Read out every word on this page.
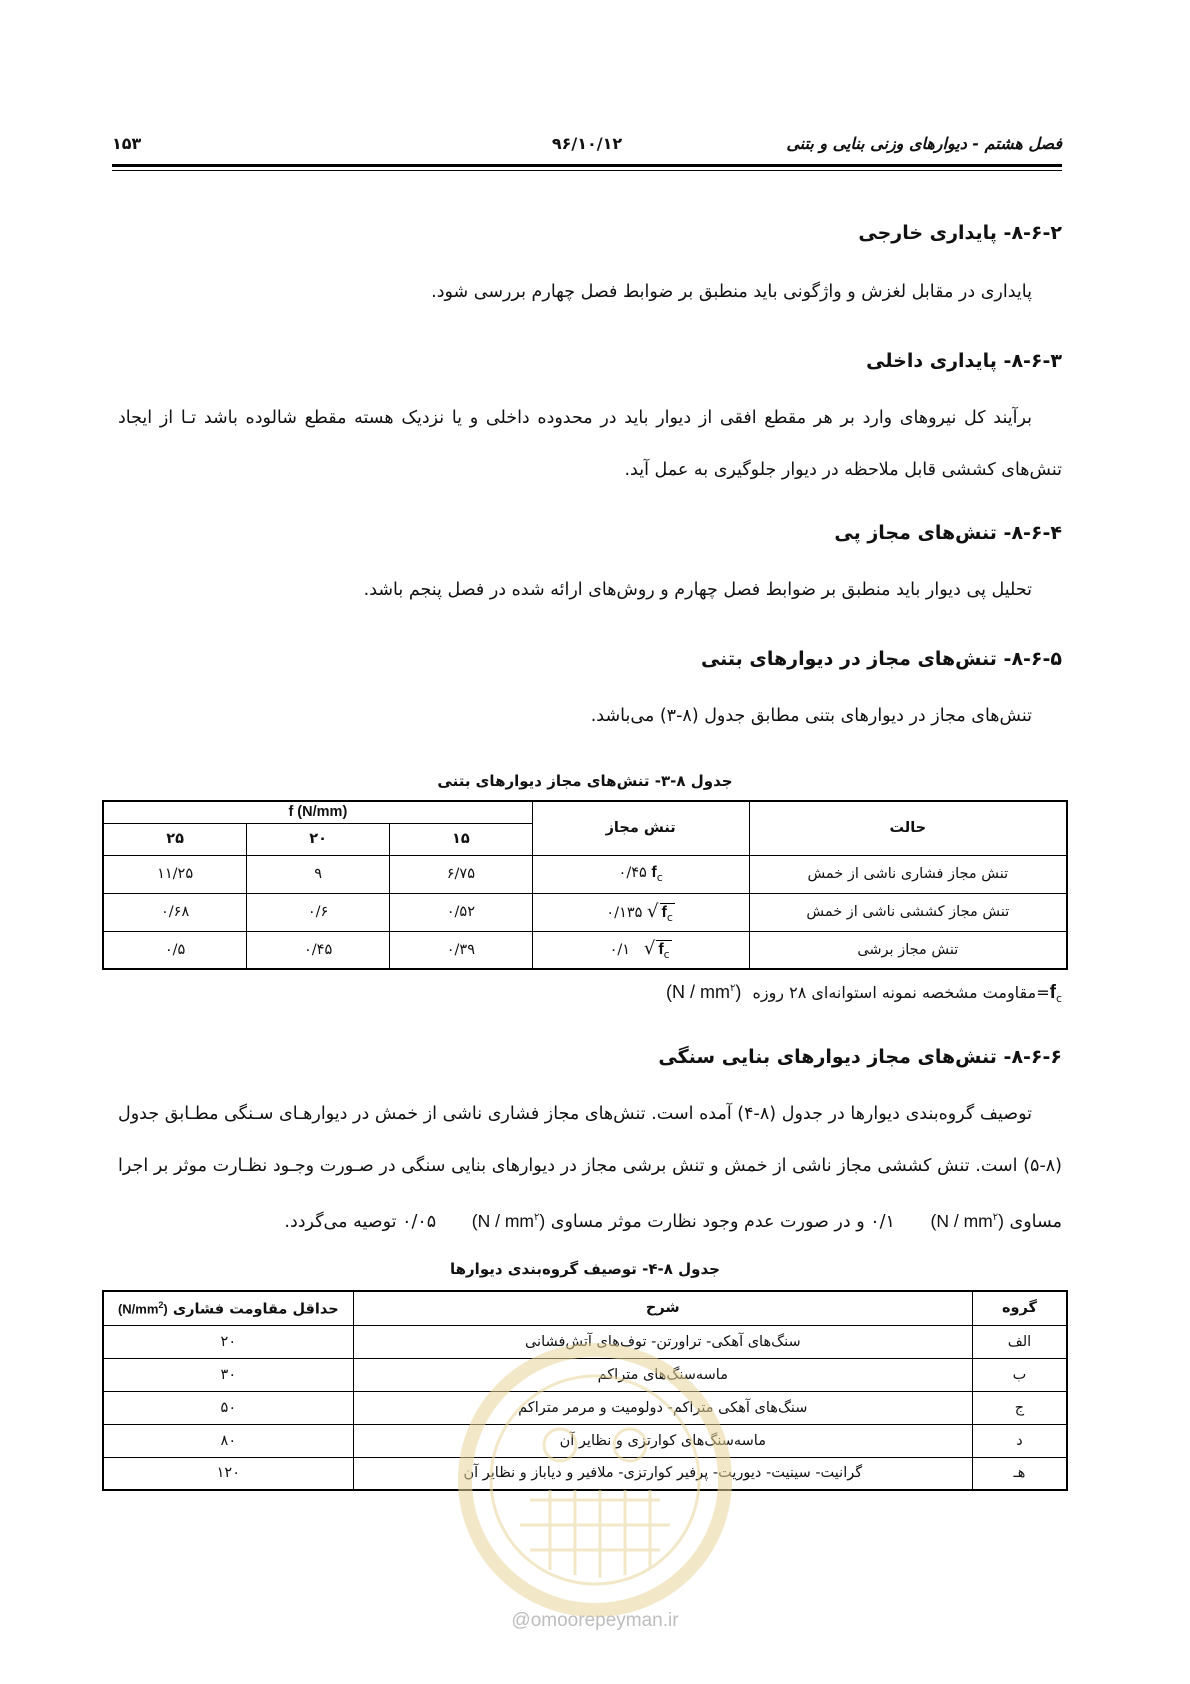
فصل هشتم - دیوارهای وزنی بنایی و بتنی
۹۶/۱۰/۱۲
۱۵۳
۸-۶-۲- پایداری خارجی
پایداری در مقابل لغزش و واژگونی باید منطبق بر ضوابط فصل چهارم بررسی شود.
۸-۶-۳- پایداری داخلی
برآیند کل نیروهای وارد بر هر مقطع افقی از دیوار باید در محدوده داخلی و یا نزدیک هسته مقطع شالوده باشد تـا از ایجاد تنش‌های کششی قابل ملاحظه در دیوار جلوگیری به عمل آید.
۸-۶-۴- تنش‌های مجاز پی
تحلیل پی دیوار باید منطبق بر ضوابط فصل چهارم و روش‌های ارائه شده در فصل پنجم باشد.
۸-۶-۵- تنش‌های مجاز در دیوارهای بتنی
تنش‌های مجاز در دیوارهای بتنی مطابق جدول (۸-۳) می‌باشد.
جدول ۸-۳- تنش‌های مجاز دیوارهای بتنی
حالت	تنش مجاز	f (N/mm)		
		۱۵	۲۰	۲۵
تنش مجاز فشاری ناشی از خمش	۰/۴۵ $f_c$	۶/۷۵	۹	۱۱/۲۵
تنش مجاز کششی ناشی از خمش	۰/۱۳۵ √ $f_c$	۰/۵۲	۰/۶	۰/۶۸
تنش مجاز برشی	۰/۱ √ $f_c$	۰/۳۹	۰/۴۵	۰/۵
$f_c=مقاومت$ مشخصه نمونه استوانه‌ای ۲۸ روزه $(N / mm^۲)$
۸-۶-۶- تنش‌های مجاز دیوارهای بنایی سنگی
توصیف گروه‌بندی دیوارها در جدول (۸-۴) آمده است. تنش‌های مجاز فشاری ناشی از خمش در دیوارهـای سـنگی مطـابق جدول (۸-۵) است. تنش کششی مجاز ناشی از خمش و تنش برشی مجاز در دیوارهای بنایی سنگی در صـورت وجـود نظـارت موثر بر اجرا مساوی $(N / mm^۲)$ ۰/۱ و در صورت عدم وجود نظارت موثر مساوی $(N / mm^۲)$ ۰/۰۵ توصیه می‌گردد.
جدول ۸-۴- توصیف گروه‌بندی دیوارها
گروه	شرح	حداقل مقاومت فشاری $(N/mm^2)$
الف	سنگ‌های آهکی- تراورتن- توف‌های آتش‌فشانی	۲۰
ب	ماسه‌سنگ‌های متراکم	۳۰
ج	سنگ‌های آهکی متراکم- دولومیت و مرمر متراکم	۵۰
د	ماسه‌سنگ‌های کوارتزی و نظایر آن	۸۰
هـ	گرانیت- سینیت- دیوریت- پرفیر کوارتزی- ملافیر و دیاباز و نظایر آن	۱۲۰
@omoorepeyman.ir
